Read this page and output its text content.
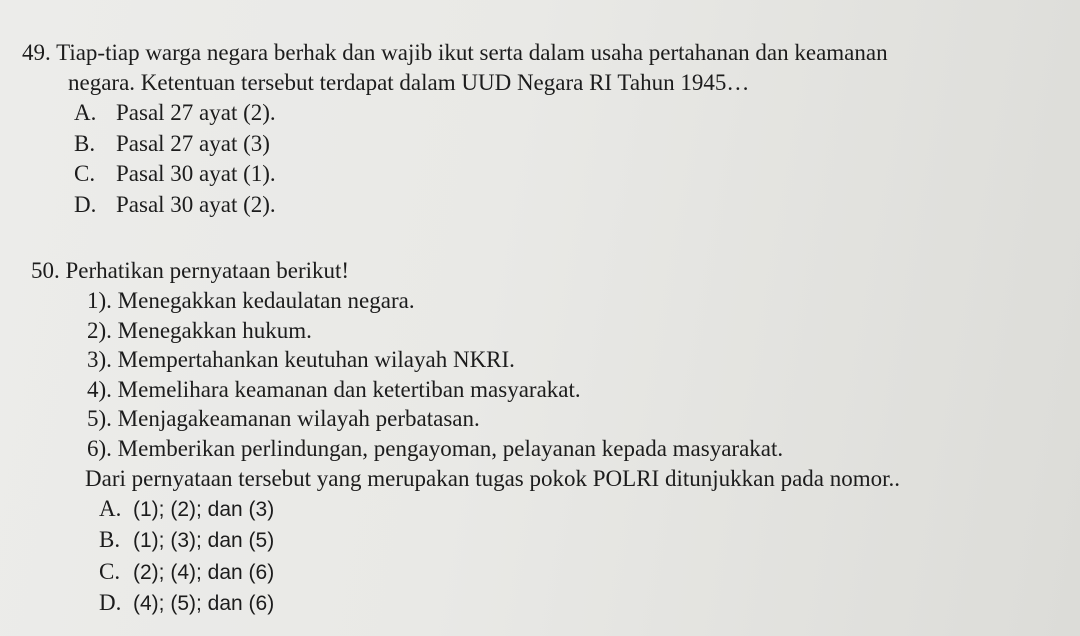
49. Tiap-tiap warga negara berhak dan wajib ikut serta dalam usaha pertahanan dan keamanan
negara. Ketentuan tersebut terdapat dalam UUD Negara RI Tahun 1945…
A. Pasal 27 ayat (2).
B. Pasal 27 ayat (3)
C. Pasal 30 ayat (1).
D. Pasal 30 ayat (2).
50. Perhatikan pernyataan berikut!
1). Menegakkan kedaulatan negara.
2). Menegakkan hukum.
3). Mempertahankan keutuhan wilayah NKRI.
4). Memelihara keamanan dan ketertiban masyarakat.
5). Menjagakeamanan wilayah perbatasan.
6). Memberikan perlindungan, pengayoman, pelayanan kepada masyarakat.
Dari pernyataan tersebut yang merupakan tugas pokok POLRI ditunjukkan pada nomor..
A. (1); (2); dan (3)
B. (1); (3); dan (5)
C. (2); (4); dan (6)
D. (4); (5); dan (6)
